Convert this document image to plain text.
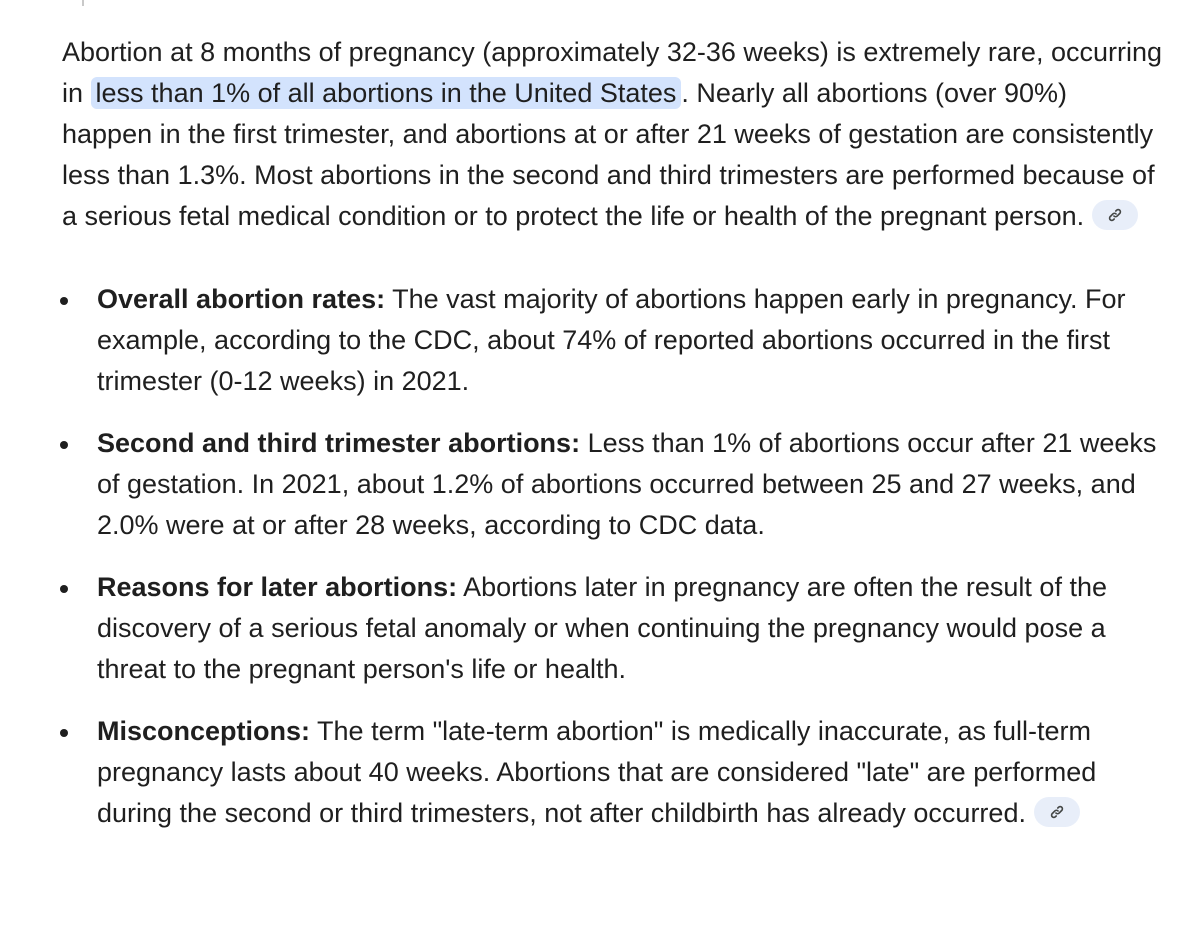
Abortion at 8 months of pregnancy (approximately 32-36 weeks) is extremely rare, occurring in less than 1% of all abortions in the United States . Nearly all abortions (over 90%) happen in the first trimester, and abortions at or after 21 weeks of gestation are consistently less than 1.3%. Most abortions in the second and third trimesters are performed because of a serious fetal medical condition or to protect the life or health of the pregnant person.

Overall abortion rates: The vast majority of abortions happen early in pregnancy. For example, according to the CDC, about 74% of reported abortions occurred in the first trimester (0-12 weeks) in 2021.
Second and third trimester abortions: Less than 1% of abortions occur after 21 weeks of gestation. In 2021, about 1.2% of abortions occurred between 25 and 27 weeks, and 2.0% were at or after 28 weeks, according to CDC data.
Reasons for later abortions: Abortions later in pregnancy are often the result of the discovery of a serious fetal anomaly or when continuing the pregnancy would pose a threat to the pregnant person's life or health.
Misconceptions: The term "late-term abortion" is medically inaccurate, as full-term pregnancy lasts about 40 weeks. Abortions that are considered "late" are performed during the second or third trimesters, not after childbirth has already occurred.
